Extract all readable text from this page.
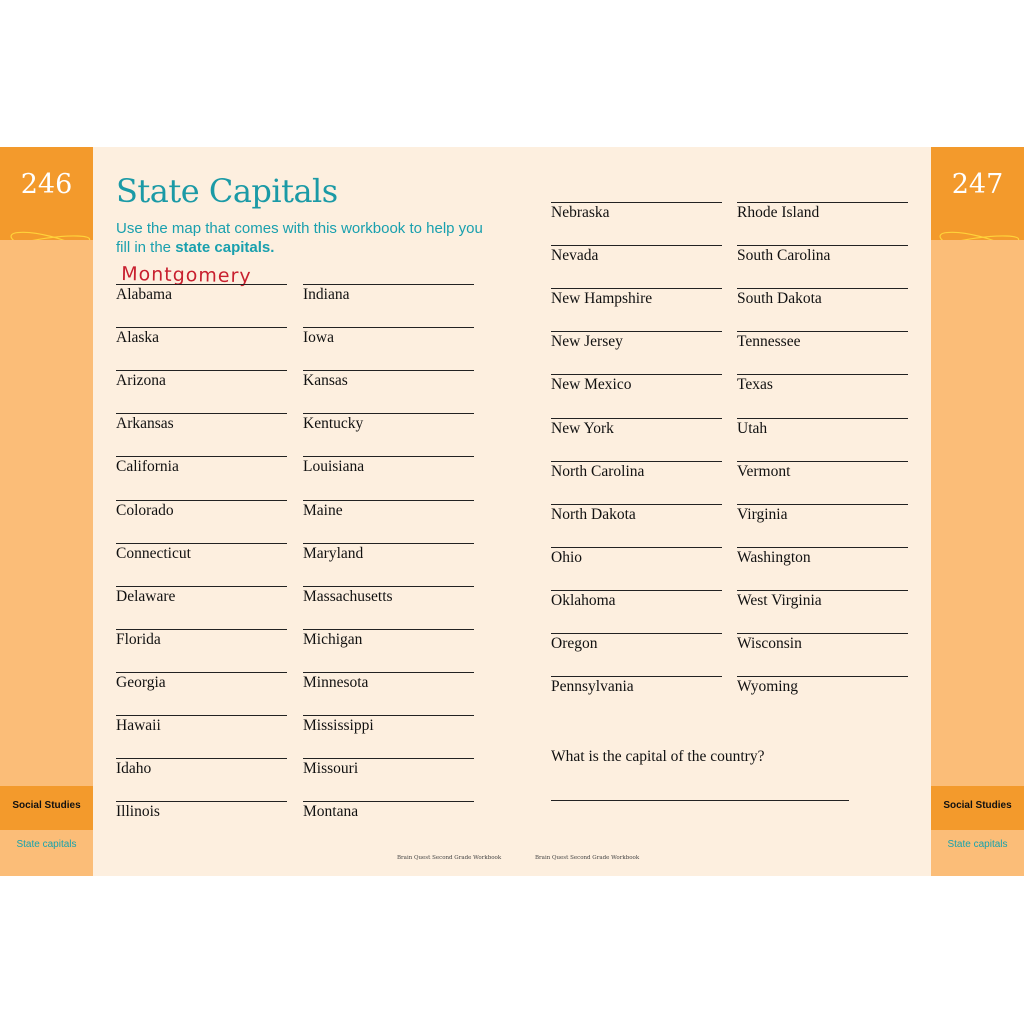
246
Social Studies
State capitals
247
Social Studies
State capitals
State Capitals
Use the map that comes with this workbook to help you fill in the state capitals.
Montgomery
Alabama
Alaska
Arizona
Arkansas
California
Colorado
Connecticut
Delaware
Florida
Georgia
Hawaii
Idaho
Illinois
Indiana
Iowa
Kansas
Kentucky
Louisiana
Maine
Maryland
Massachusetts
Michigan
Minnesota
Mississippi
Missouri
Montana
Nebraska
Nevada
New Hampshire
New Jersey
New Mexico
New York
North Carolina
North Dakota
Ohio
Oklahoma
Oregon
Pennsylvania
Rhode Island
South Carolina
South Dakota
Tennessee
Texas
Utah
Vermont
Virginia
Washington
West Virginia
Wisconsin
Wyoming
What is the capital of the country?
Brain Quest Second Grade Workbook	Brain Quest Second Grade Workbook
